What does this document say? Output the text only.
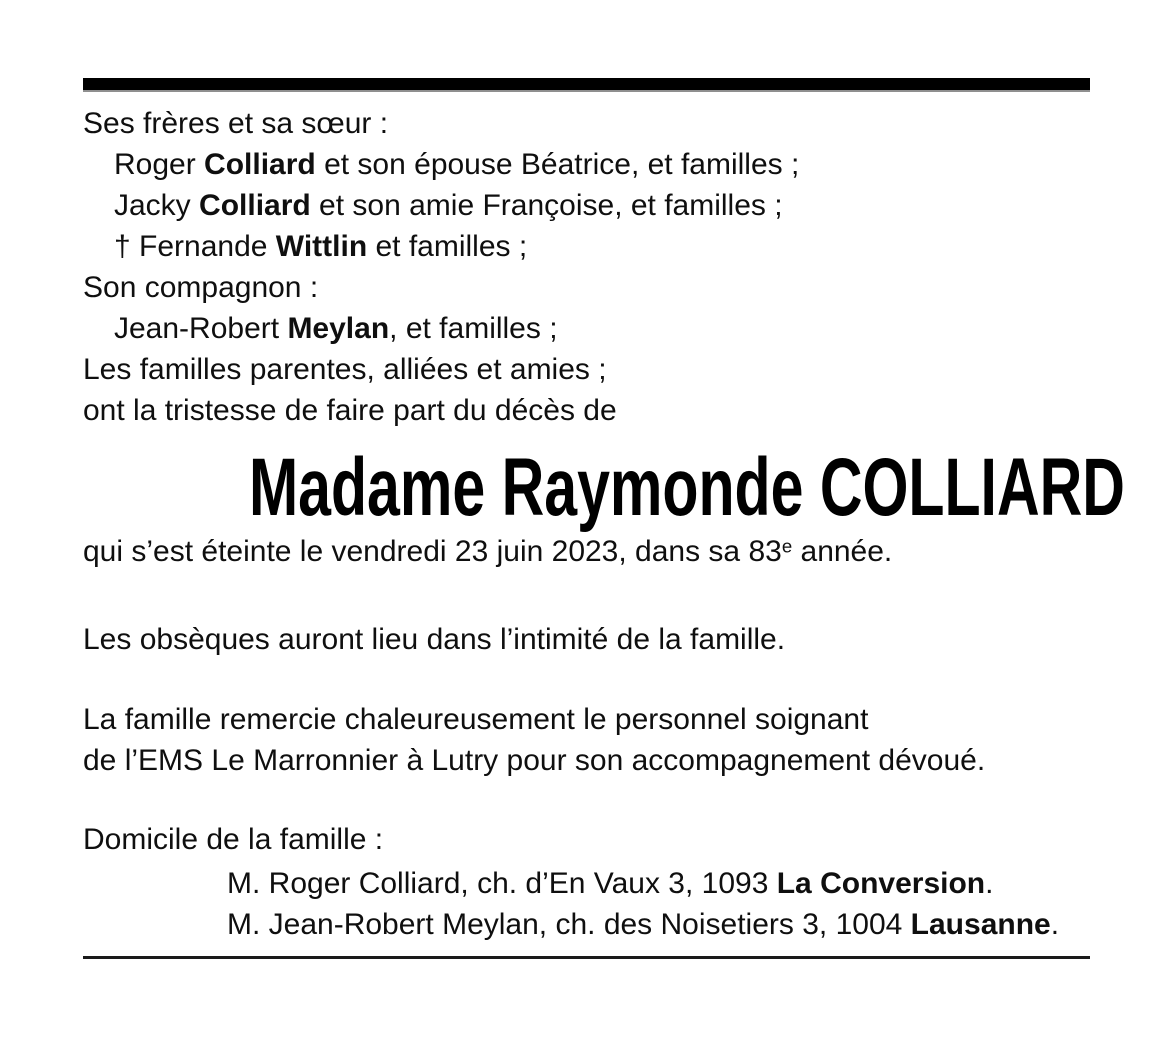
Ses frères et sa sœur :
Roger Colliard et son épouse Béatrice, et familles ;
Jacky Colliard et son amie Françoise, et familles ;
† Fernande Wittlin et familles ;
Son compagnon :
Jean-Robert Meylan, et familles ;
Les familles parentes, alliées et amies ;
ont la tristesse de faire part du décès de
Madame Raymonde COLLIARD
qui s’est éteinte le vendredi 23 juin 2023, dans sa 83e année.
Les obsèques auront lieu dans l’intimité de la famille.
La famille remercie chaleureusement le personnel soignant
de l’EMS Le Marronnier à Lutry pour son accompagnement dévoué.
Domicile de la famille :
M. Roger Colliard, ch. d’En Vaux 3, 1093 La Conversion.
M. Jean-Robert Meylan, ch. des Noisetiers 3, 1004 Lausanne.
